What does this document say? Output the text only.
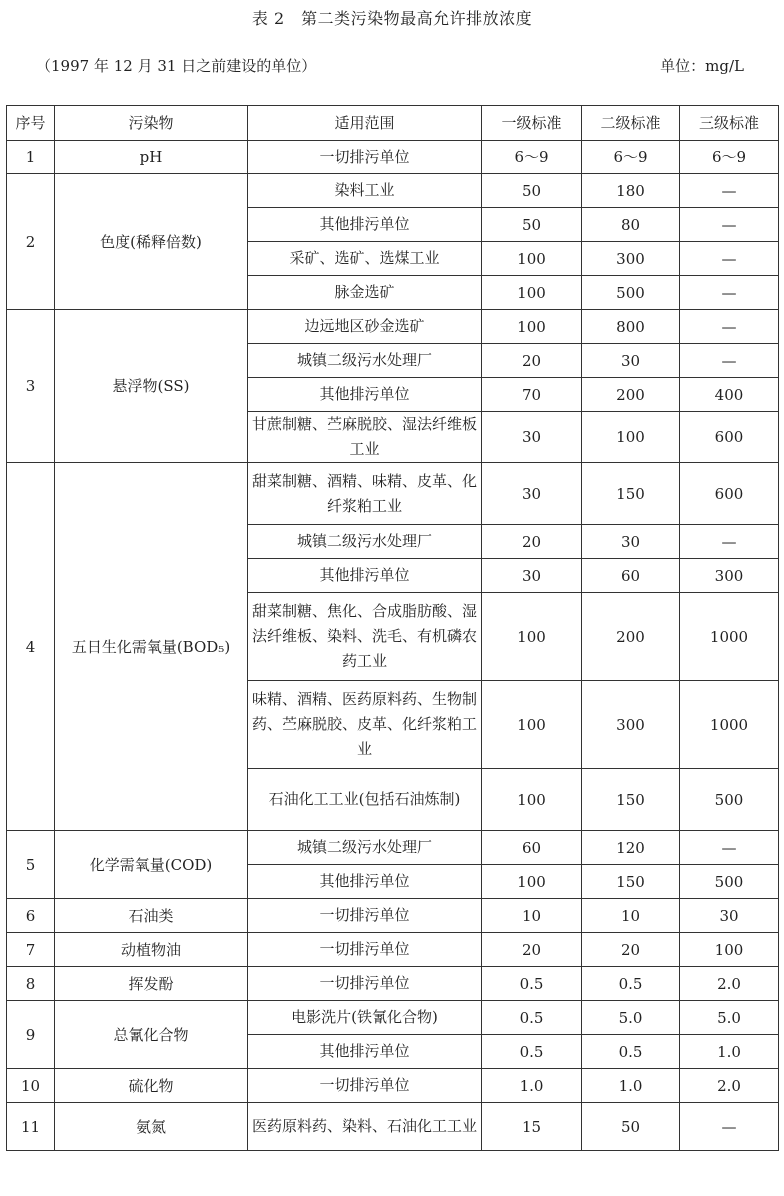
表 2　第二类污染物最高允许排放浓度
（1997 年 12 月 31 日之前建设的单位）	单位：mg/L
序号	污染物	适用范围	一级标准	二级标准	三级标准
1	pH	一切排污单位	6～9	6～9	6～9
2	色度(稀释倍数)	染料工业	50	180	—
		其他排污单位	50	80	—
		采矿、选矿、选煤工业	100	300	—
		脉金选矿	100	500	—
3	悬浮物(SS)	边远地区砂金选矿	100	800	—
		城镇二级污水处理厂	20	30	—
		其他排污单位	70	200	400
		甘蔗制糖、苎麻脱胶、湿法纤维板工业	30	100	600
4	五日生化需氧量(BOD₅)	甜菜制糖、酒精、味精、皮革、化纤浆粕工业	30	150	600
		城镇二级污水处理厂	20	30	—
		其他排污单位	30	60	300
		甜菜制糖、焦化、合成脂肪酸、湿法纤维板、染料、洗毛、有机磷农药工业	100	200	1000
		味精、酒精、医药原料药、生物制药、苎麻脱胶、皮革、化纤浆粕工业	100	300	1000
		石油化工工业(包括石油炼制)	100	150	500
5	化学需氧量(COD)	城镇二级污水处理厂	60	120	—
		其他排污单位	100	150	500
6	石油类	一切排污单位	10	10	30
7	动植物油	一切排污单位	20	20	100
8	挥发酚	一切排污单位	0.5	0.5	2.0
9	总氰化合物	电影洗片(铁氰化合物)	0.5	5.0	5.0
		其他排污单位	0.5	0.5	1.0
10	硫化物	一切排污单位	1.0	1.0	2.0
11	氨氮	医药原料药、染料、石油化工工业	15	50	—
